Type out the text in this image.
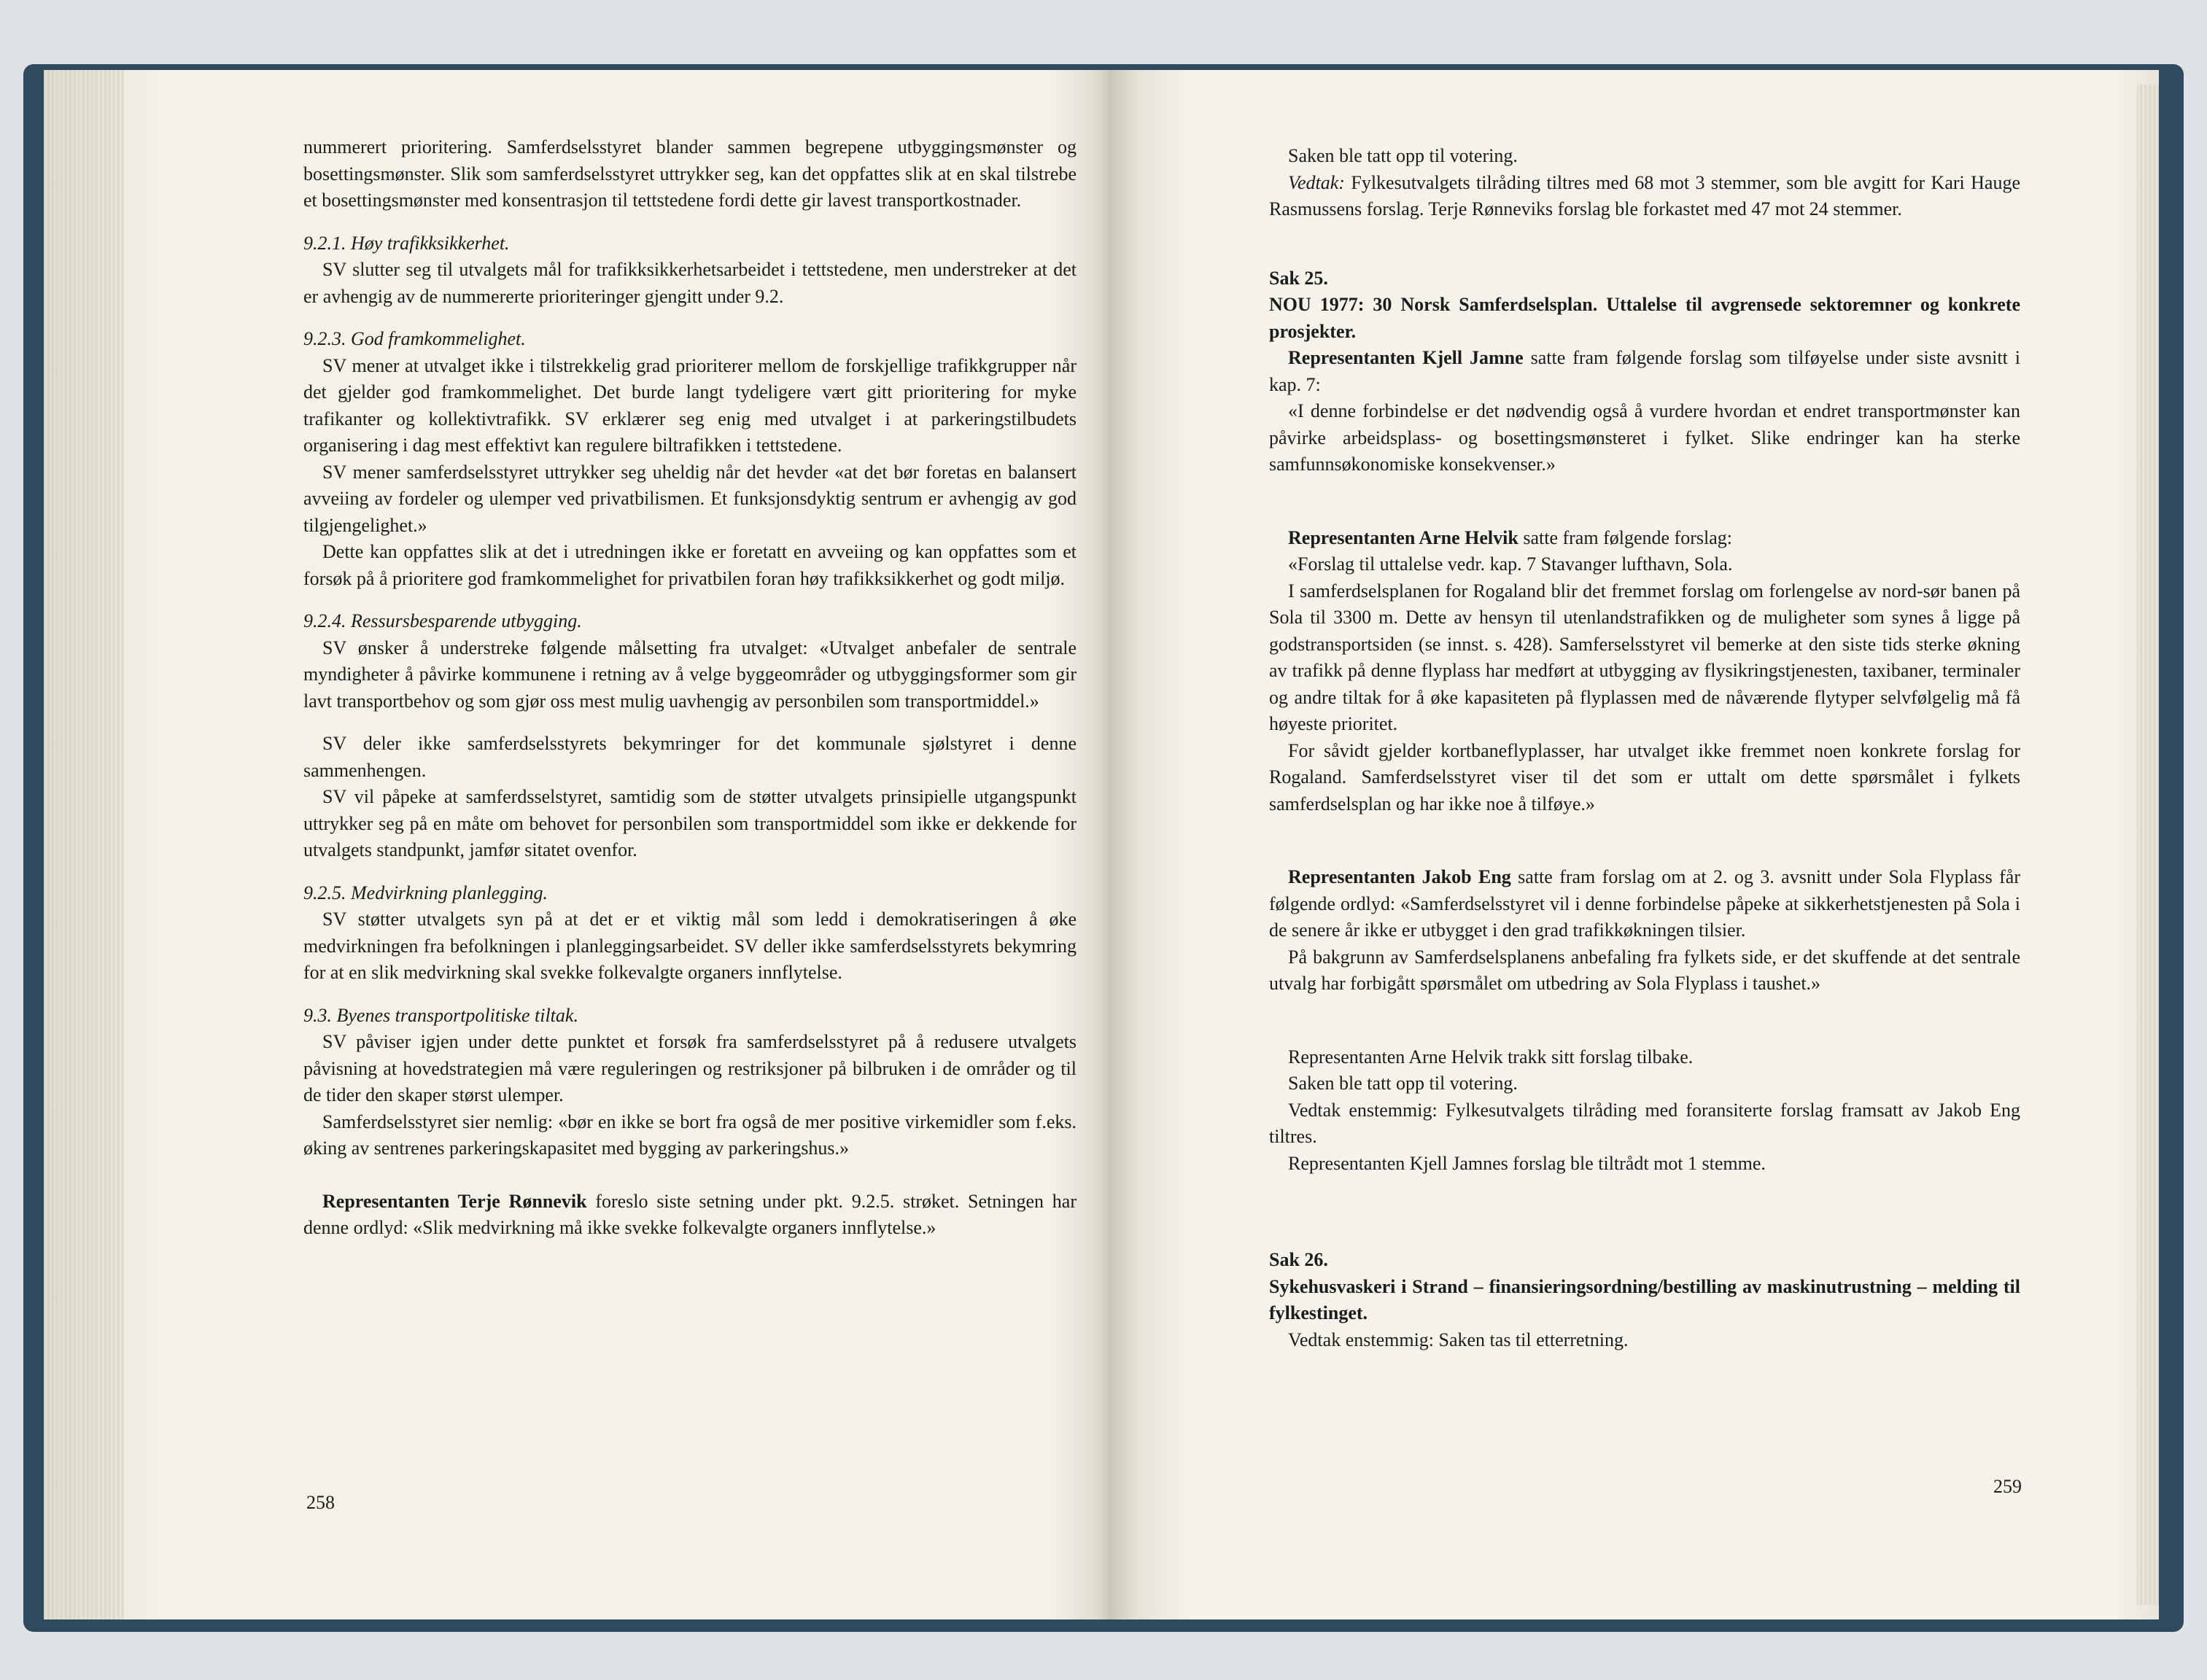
nummerert prioritering. Samferdselsstyret blander sammen begrepene utbyggingsmønster og bosettingsmønster. Slik som samferdselsstyret uttrykker seg, kan det oppfattes slik at en skal tilstrebe et bosettingsmønster med konsentrasjon til tettstedene fordi dette gir lavest transportkostnader.

9.2.1. Høy trafikksikkerhet.

SV slutter seg til utvalgets mål for trafikksikkerhetsarbeidet i tettstedene, men understreker at det er avhengig av de nummererte prioriteringer gjengitt under 9.2.

9.2.3. God framkommelighet.

SV mener at utvalget ikke i tilstrekkelig grad prioriterer mellom de forskjellige trafikkgrupper når det gjelder god framkommelighet. Det burde langt tydeligere vært gitt prioritering for myke trafikanter og kollektivtrafikk. SV erklærer seg enig med utvalget i at parkeringstilbudets organisering i dag mest effektivt kan regulere biltrafikken i tettstedene.

SV mener samferdselsstyret uttrykker seg uheldig når det hevder «at det bør foretas en balansert avveiing av fordeler og ulemper ved privatbilismen. Et funksjonsdyktig sentrum er avhengig av god tilgjengelighet.»

Dette kan oppfattes slik at det i utredningen ikke er foretatt en avveiing og kan oppfattes som et forsøk på å prioritere god framkommelighet for privatbilen foran høy trafikksikkerhet og godt miljø.

9.2.4. Ressursbesparende utbygging.

SV ønsker å understreke følgende målsetting fra utvalget: «Utvalget anbefaler de sentrale myndigheter å påvirke kommunene i retning av å velge byggeområder og utbyggingsformer som gir lavt transportbehov og som gjør oss mest mulig uavhengig av personbilen som transportmiddel.»

SV deler ikke samferdselsstyrets bekymringer for det kommunale sjølstyret i denne sammenhengen.

SV vil påpeke at samferdsselstyret, samtidig som de støtter utvalgets prinsipielle utgangspunkt uttrykker seg på en måte om behovet for personbilen som transportmiddel som ikke er dekkende for utvalgets standpunkt, jamfør sitatet ovenfor.

9.2.5. Medvirkning planlegging.

SV støtter utvalgets syn på at det er et viktig mål som ledd i demokratiseringen å øke medvirkningen fra befolkningen i planleggingsarbeidet. SV deller ikke samferdselsstyrets bekymring for at en slik medvirkning skal svekke folkevalgte organers innflytelse.

9.3. Byenes transportpolitiske tiltak.

SV påviser igjen under dette punktet et forsøk fra samferdselsstyret på å redusere utvalgets påvisning at hovedstrategien må være reguleringen og restriksjoner på bilbruken i de områder og til de tider den skaper størst ulemper.

Samferdselsstyret sier nemlig: «bør en ikke se bort fra også de mer positive virkemidler som f.eks. øking av sentrenes parkeringskapasitet med bygging av parkeringshus.»

Representanten Terje Rønnevik foreslo siste setning under pkt. 9.2.5. strøket. Setningen har denne ordlyd: «Slik medvirkning må ikke svekke folkevalgte organers innflytelse.»

258

Saken ble tatt opp til votering.

Vedtak: Fylkesutvalgets tilråding tiltres med 68 mot 3 stemmer, som ble avgitt for Kari Hauge Rasmussens forslag. Terje Rønneviks forslag ble forkastet med 47 mot 24 stemmer.

Sak 25.

NOU 1977: 30 Norsk Samferdselsplan. Uttalelse til avgrensede sektoremner og konkrete prosjekter.

Representanten Kjell Jamne satte fram følgende forslag som tilføyelse under siste avsnitt i kap. 7:

«I denne forbindelse er det nødvendig også å vurdere hvordan et endret transportmønster kan påvirke arbeidsplass- og bosettingsmønsteret i fylket. Slike endringer kan ha sterke samfunnsøkonomiske konsekvenser.»

Representanten Arne Helvik satte fram følgende forslag:

«Forslag til uttalelse vedr. kap. 7 Stavanger lufthavn, Sola.

I samferdselsplanen for Rogaland blir det fremmet forslag om forlengelse av nord-sør banen på Sola til 3300 m. Dette av hensyn til utenlandstrafikken og de muligheter som synes å ligge på godstransportsiden (se innst. s. 428). Samferselsstyret vil bemerke at den siste tids sterke økning av trafikk på denne flyplass har medført at utbygging av flysikringstjenesten, taxibaner, terminaler og andre tiltak for å øke kapasiteten på flyplassen med de nåværende flytyper selvfølgelig må få høyeste prioritet.

For såvidt gjelder kortbaneflyplasser, har utvalget ikke fremmet noen konkrete forslag for Rogaland. Samferdselsstyret viser til det som er uttalt om dette spørsmålet i fylkets samferdselsplan og har ikke noe å tilføye.»

Representanten Jakob Eng satte fram forslag om at 2. og 3. avsnitt under Sola Flyplass får følgende ordlyd: «Samferdselsstyret vil i denne forbindelse påpeke at sikkerhetstjenesten på Sola i de senere år ikke er utbygget i den grad trafikkøkningen tilsier.

På bakgrunn av Samferdselsplanens anbefaling fra fylkets side, er det skuffende at det sentrale utvalg har forbigått spørsmålet om utbedring av Sola Flyplass i taushet.»

Representanten Arne Helvik trakk sitt forslag tilbake.

Saken ble tatt opp til votering.

Vedtak enstemmig: Fylkesutvalgets tilråding med foransiterte forslag framsatt av Jakob Eng tiltres.

Representanten Kjell Jamnes forslag ble tiltrådt mot 1 stemme.

Sak 26.

Sykehusvaskeri i Strand – finansieringsordning/bestilling av maskinutrustning – melding til fylkestinget.

Vedtak enstemmig: Saken tas til etterretning.

259
